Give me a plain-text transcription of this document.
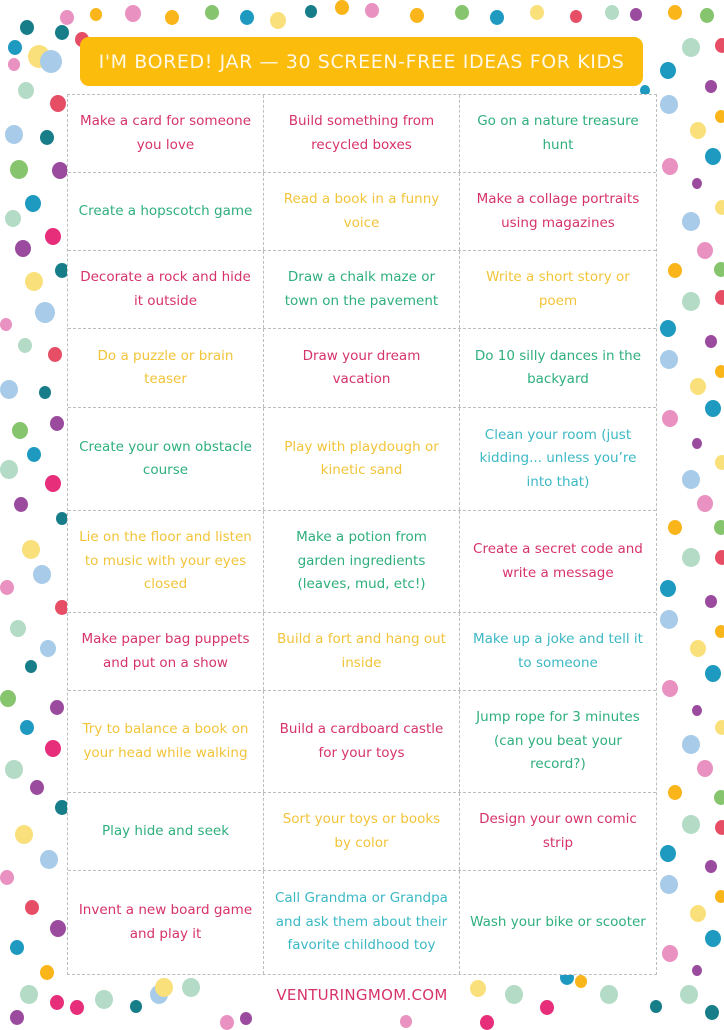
I'M BORED! JAR — 30 SCREEN-FREE IDEAS FOR KIDS
Make a card for someone you love
Build something from recycled boxes
Go on a nature treasure hunt
Create a hopscotch game
Read a book in a funny voice
Make a collage portraits using magazines
Decorate a rock and hide it outside
Draw a chalk maze or town on the pavement
Write a short story or poem
Do a puzzle or brain teaser
Draw your dream vacation
Do 10 silly dances in the backyard
Create your own obstacle course
Play with playdough or kinetic sand
Clean your room (just kidding... unless you’re into that)
Lie on the floor and listen to music with your eyes closed
Make a potion from garden ingredients (leaves, mud, etc!)
Create a secret code and write a message
Make paper bag puppets and put on a show
Build a fort and hang out inside
Make up a joke and tell it to someone
Try to balance a book on your head while walking
Build a cardboard castle for your toys
Jump rope for 3 minutes (can you beat your record?)
Play hide and seek
Sort your toys or books by color
Design your own comic strip
Invent a new board game and play it
Call Grandma or Grandpa and ask them about their favorite childhood toy
Wash your bike or scooter
VENTURINGMOM.COM
